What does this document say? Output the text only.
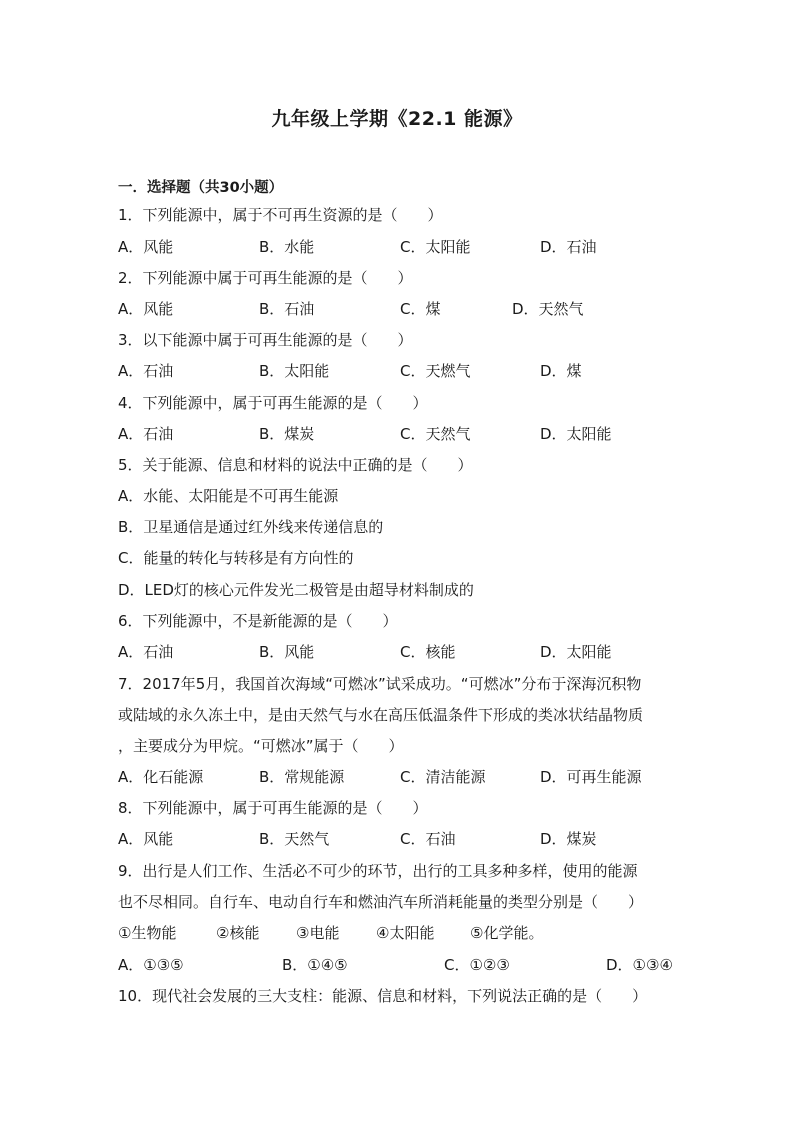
九年级上学期《22.1 能源》
一．选择题（共30小题）
1．下列能源中，属于不可再生资源的是（　　）
A．风能	B．水能	C．太阳能	D．石油
2．下列能源中属于可再生能源的是（　　）
A．风能	B．石油	C．煤	D．天然气
3．以下能源中属于可再生能源的是（　　）
A．石油	B．太阳能	C．天燃气	D．煤
4．下列能源中，属于可再生能源的是（　　）
A．石油	B．煤炭	C．天然气	D．太阳能
5．关于能源、信息和材料的说法中正确的是（　　）
A．水能、太阳能是不可再生能源
B．卫星通信是通过红外线来传递信息的
C．能量的转化与转移是有方向性的
D．LED灯的核心元件发光二极管是由超导材料制成的
6．下列能源中，不是新能源的是（　　）
A．石油	B．风能	C．核能	D．太阳能
7．2017年5月，我国首次海域“可燃冰”试采成功。“可燃冰”分布于深海沉积物
或陆域的永久冻土中，是由天然气与水在高压低温条件下形成的类冰状结晶物质
，主要成分为甲烷。“可燃冰”属于（　　）
A．化石能源	B．常规能源	C．清洁能源	D．可再生能源
8．下列能源中，属于可再生能源的是（　　）
A．风能	B．天然气	C．石油	D．煤炭
9．出行是人们工作、生活必不可少的环节，出行的工具多种多样，使用的能源
也不尽相同。自行车、电动自行车和燃油汽车所消耗能量的类型分别是（　　）
①生物能	②核能 ③电能 ④太阳能 ⑤化学能。
A．①③⑤	B．①④⑤	C．①②③	D．①③④
10．现代社会发展的三大支柱：能源、信息和材料，下列说法正确的是（　　）
